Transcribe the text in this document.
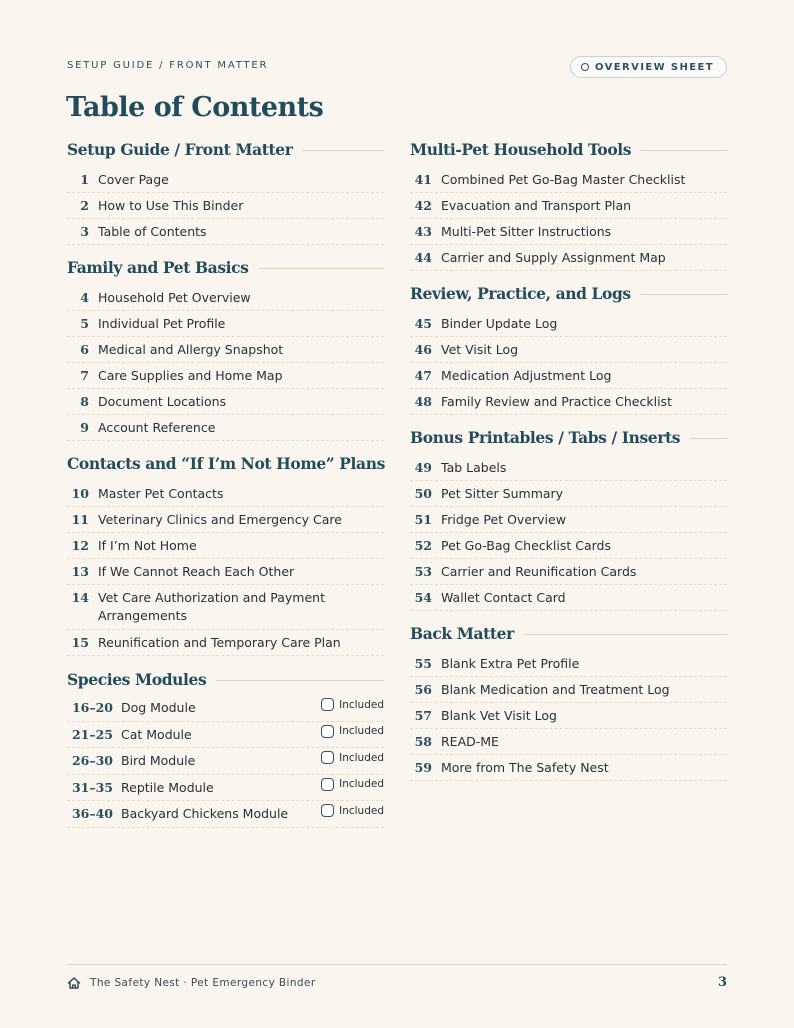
SETUP GUIDE / FRONT MATTER	OVERVIEW SHEET
Table of Contents
Setup Guide / Front Matter
1 Cover Page
2 How to Use This Binder
3 Table of Contents
Family and Pet Basics
4 Household Pet Overview
5 Individual Pet Profile
6 Medical and Allergy Snapshot
7 Care Supplies and Home Map
8 Document Locations
9 Account Reference
Contacts and “If I’m Not Home” Plans
10 Master Pet Contacts
11 Veterinary Clinics and Emergency Care
12 If I’m Not Home
13 If We Cannot Reach Each Other
14 Vet Care Authorization and Payment Arrangements
15 Reunification and Temporary Care Plan
Species Modules
16–20 Dog Module	Included
21–25 Cat Module	Included
26–30 Bird Module	Included
31–35 Reptile Module	Included
36–40 Backyard Chickens Module	Included
Multi-Pet Household Tools
41 Combined Pet Go-Bag Master Checklist
42 Evacuation and Transport Plan
43 Multi-Pet Sitter Instructions
44 Carrier and Supply Assignment Map
Review, Practice, and Logs
45 Binder Update Log
46 Vet Visit Log
47 Medication Adjustment Log
48 Family Review and Practice Checklist
Bonus Printables / Tabs / Inserts
49 Tab Labels
50 Pet Sitter Summary
51 Fridge Pet Overview
52 Pet Go-Bag Checklist Cards
53 Carrier and Reunification Cards
54 Wallet Contact Card
Back Matter
55 Blank Extra Pet Profile
56 Blank Medication and Treatment Log
57 Blank Vet Visit Log
58 READ-ME
59 More from The Safety Nest
The Safety Nest · Pet Emergency Binder	3
